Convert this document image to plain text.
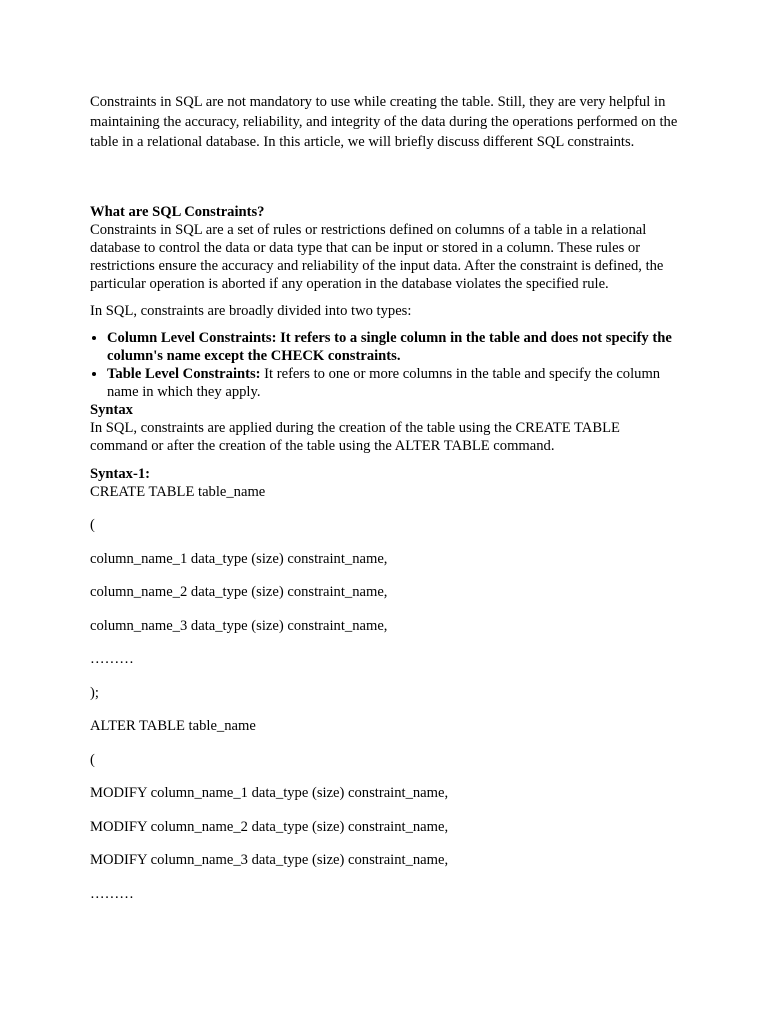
Constraints in SQL are not mandatory to use while creating the table. Still, they are very helpful in maintaining the accuracy, reliability, and integrity of the data during the operations performed on the table in a relational database. In this article, we will briefly discuss different SQL constraints.

What are SQL Constraints?

Constraints in SQL are a set of rules or restrictions defined on columns of a table in a relational database to control the data or data type that can be input or stored in a column. These rules or restrictions ensure the accuracy and reliability of the input data. After the constraint is defined, the particular operation is aborted if any operation in the database violates the specified rule.

In SQL, constraints are broadly divided into two types:

• Column Level Constraints: It refers to a single column in the table and does not specify the column's name except the CHECK constraints.
• Table Level Constraints: It refers to one or more columns in the table and specify the column name in which they apply.

Syntax

In SQL, constraints are applied during the creation of the table using the CREATE TABLE command or after the creation of the table using the ALTER TABLE command.

Syntax-1:

CREATE TABLE table_name

(

column_name_1 data_type (size) constraint_name,

column_name_2 data_type (size) constraint_name,

column_name_3 data_type (size) constraint_name,

………

);

ALTER TABLE table_name

(

MODIFY column_name_1 data_type (size) constraint_name,

MODIFY column_name_2 data_type (size) constraint_name,

MODIFY column_name_3 data_type (size) constraint_name,

………
